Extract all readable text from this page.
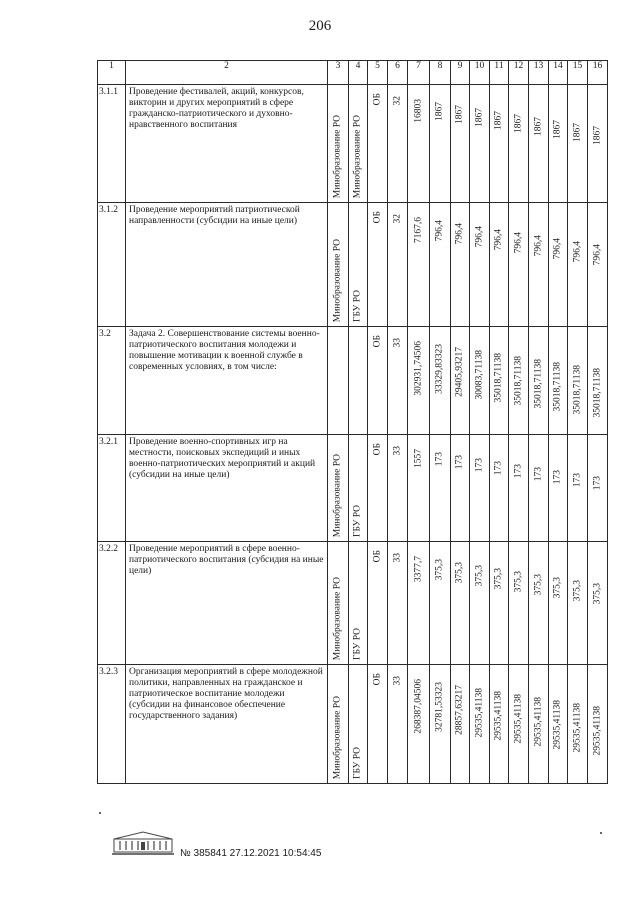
206
1	2	3	4	5	6	7	8	9	10	11	12	13	14	15	16
3.1.1	Проведение фестивалей, акций, конкурсов, викторин и других мероприятий в сфере гражданско-патриотического и духовно-нравственного воспитания	Минобразование РО	Минобразование РО	ОБ	32	16803	1867	1867	1867	1867	1867	1867	1867	1867	1867

3.1.2	Проведение мероприятий патриотической направленности (субсидии на иные цели)	Минобразование РО	ГБУ РО	ОБ	32	7167,6	796,4	796,4	796,4	796,4	796,4	796,4	796,4	796,4	796,4

3.2	Задача 2. Совершенствование системы военно-патриотического воспитания молодежи и повышение мотивации к военной службе в современных условиях, в том числе:			ОБ	33	302931,74506	33329,83323	29405,93217	30083,71138	35018,71138	35018,71138	35018,71138	35018,71138	35018,71138	35018,71138

3.2.1	Проведение военно-спортивных игр на местности, поисковых экспедиций и иных военно-патриотических мероприятий и акций (субсидии на иные цели)	Минобразование РО	ГБУ РО	ОБ	33	1557	173	173	173	173	173	173	173	173	173

3.2.2	Проведение мероприятий в сфере военно-патриотического воспитания (субсидия на иные цели)	Минобразование РО	ГБУ РО	ОБ	33	3377,7	375,3	375,3	375,3	375,3	375,3	375,3	375,3	375,3	375,3

3.2.3	Организация мероприятий в сфере молодежной политики, направленных на гражданское и патриотическое воспитание молодежи (субсидии на финансовое обеспечение государственного задания)	Минобразование РО	ГБУ РО	ОБ	33	268387,04506	32781,53323	28857,63217	29535,41138	29535,41138	29535,41138	29535,41138	29535,41138	29535,41138	29535,41138
№ 385841 27.12.2021 10:54:45
